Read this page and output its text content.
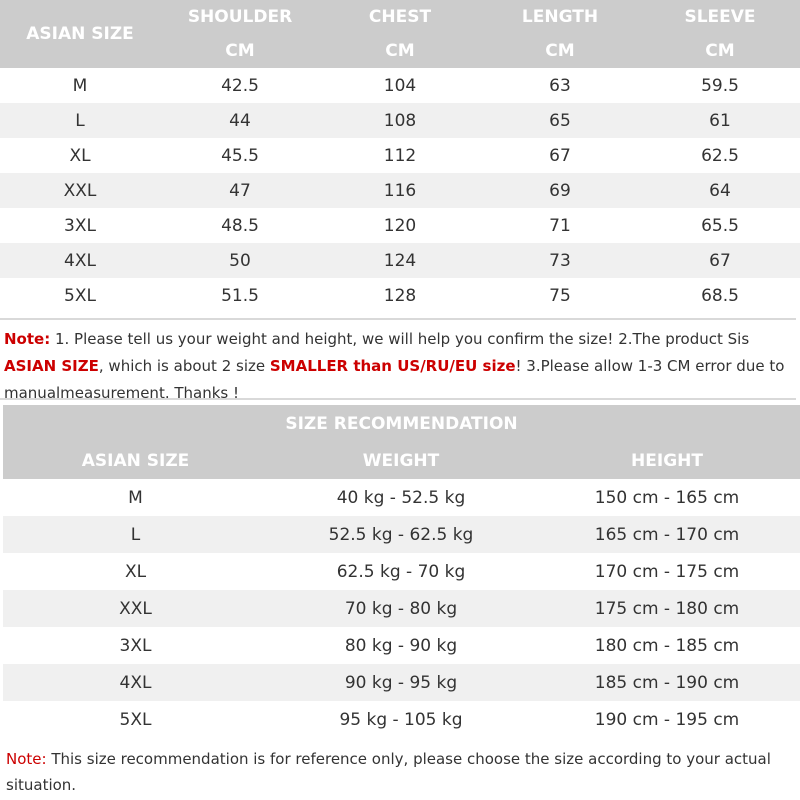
ASIAN SIZE	SHOULDER	CHEST	LENGTH	SLEEVE
	CM	CM	CM	CM
M	42.5	104	63	59.5
L	44	108	65	61
XL	45.5	112	67	62.5
XXL	47	116	69	64
3XL	48.5	120	71	65.5
4XL	50	124	73	67
5XL	51.5	128	75	68.5
Note: 1. Please tell us your weight and height, we will help you confirm the size! 2.The product Sis ASIAN SIZE, which is about 2 size SMALLER than US/RU/EU size! 3.Please allow 1-3 CM error due to manualmeasurement. Thanks !
SIZE RECOMMENDATION		
ASIAN SIZE	WEIGHT	HEIGHT
M	40 kg - 52.5 kg	150 cm - 165 cm
L	52.5 kg - 62.5 kg	165 cm - 170 cm
XL	62.5 kg - 70 kg	170 cm - 175 cm
XXL	70 kg - 80 kg	175 cm - 180 cm
3XL	80 kg - 90 kg	180 cm - 185 cm
4XL	90 kg - 95 kg	185 cm - 190 cm
5XL	95 kg - 105 kg	190 cm - 195 cm
Note: This size recommendation is for reference only, please choose the size according to your actual situation.
